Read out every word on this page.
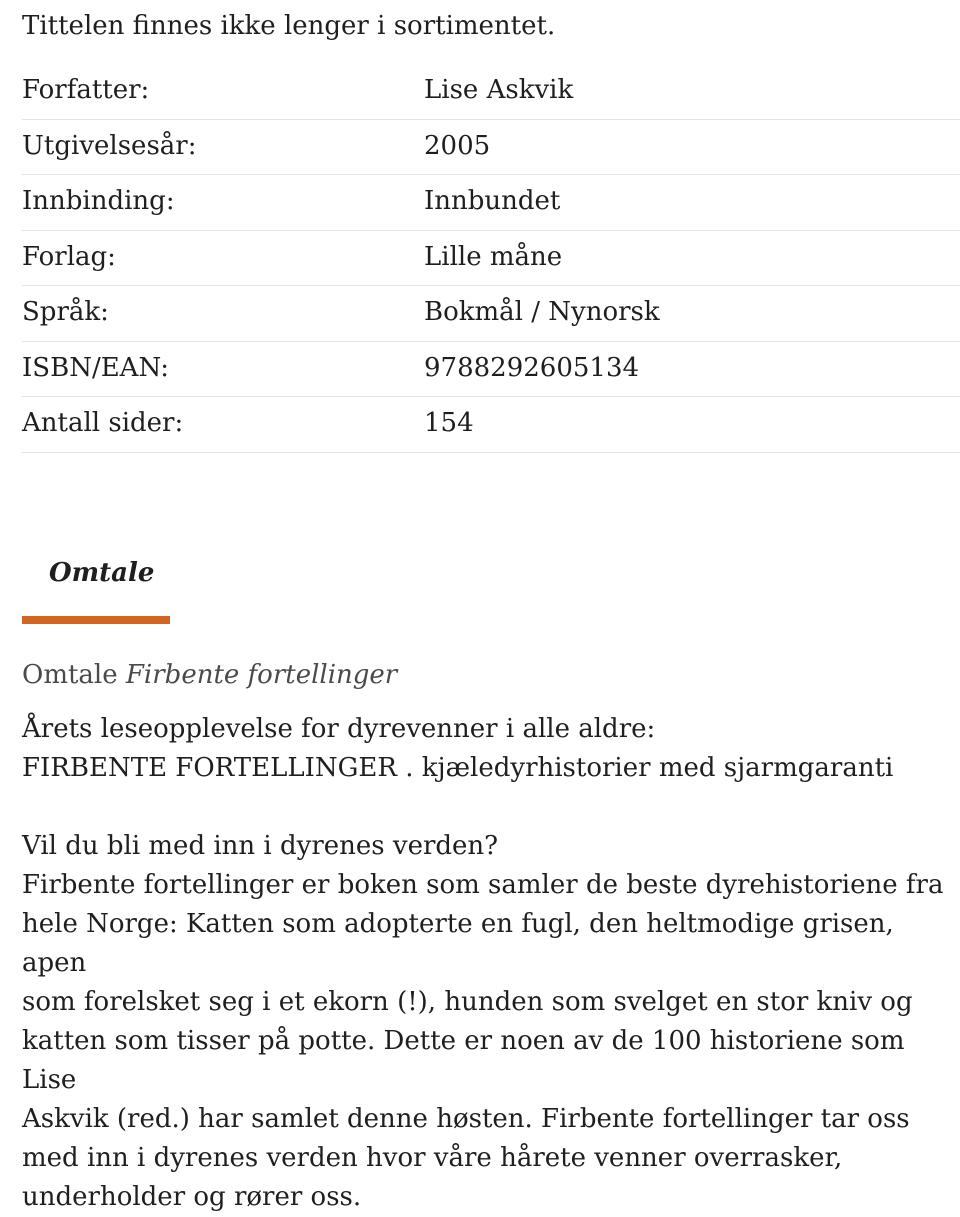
Tittelen finnes ikke lenger i sortimentet.
Forfatter:	Lise Askvik
Utgivelsesår:	2005
Innbinding:	Innbundet
Forlag:	Lille måne
Språk:	Bokmål / Nynorsk
ISBN/EAN:	9788292605134
Antall sider:	154
Omtale
Omtale Firbente fortellinger

Årets leseopplevelse for dyrevenner i alle aldre:

FIRBENTE FORTELLINGER . kjæledyrhistorier med sjarmgaranti

Vil du bli med inn i dyrenes verden?

Firbente fortellinger er boken som samler de beste dyrehistoriene fra

hele Norge: Katten som adopterte en fugl, den heltmodige grisen, apen

som forelsket seg i et ekorn (!), hunden som svelget en stor kniv og

katten som tisser på potte. Dette er noen av de 100 historiene som Lise

Askvik (red.) har samlet denne høsten. Firbente fortellinger tar oss

med inn i dyrenes verden hvor våre hårete venner overrasker,

underholder og rører oss.
